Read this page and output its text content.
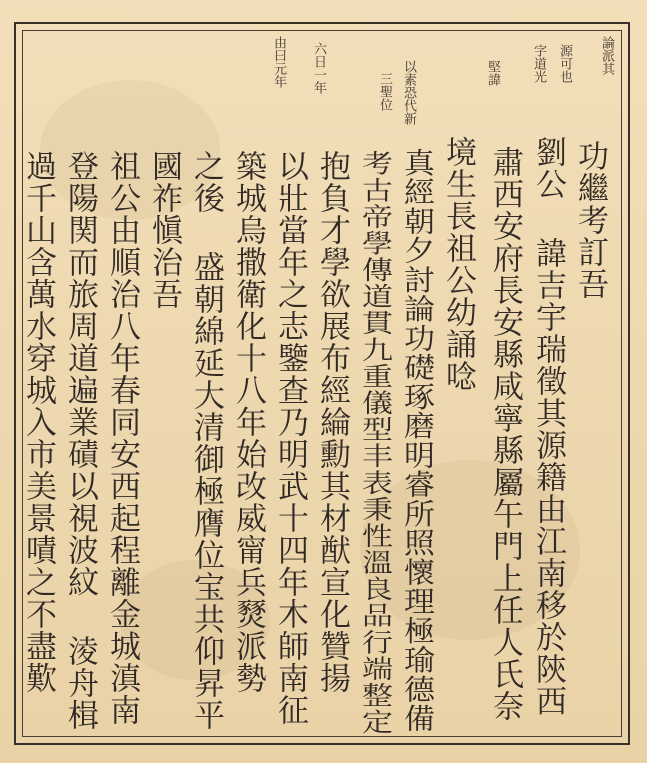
論派其
源可也
字道光
堅諱
以素恐代新
三聖位
六日一年
由曰元年
功繼考訂吾
劉公 諱吉宇瑞徵其源籍由江南移於陝西
肅西安府長安縣咸寧縣屬午門上任人氏奈
境生長祖公幼誦唸
真經朝夕討論功礎琢磨明睿所照懷理極瑜德備
考古帝學傳道貫九重儀型丰表秉性溫良品行端整定
抱負才學欲展布經綸勳其材猷宣化贊揚
以壯當年之志鑒查乃明武十四年木師南征
築城烏撒衛化十八年始改威甯兵燹派勢
之後 盛朝綿延大清御極膺位宝共仰昇平
國祚愼治吾
祖公由順治八年春同安西起程離金城滇南
登陽関而旅周道遍業磧以視波紋 淩舟楫
過千山含萬水穿城入市美景嘖之不盡歎
